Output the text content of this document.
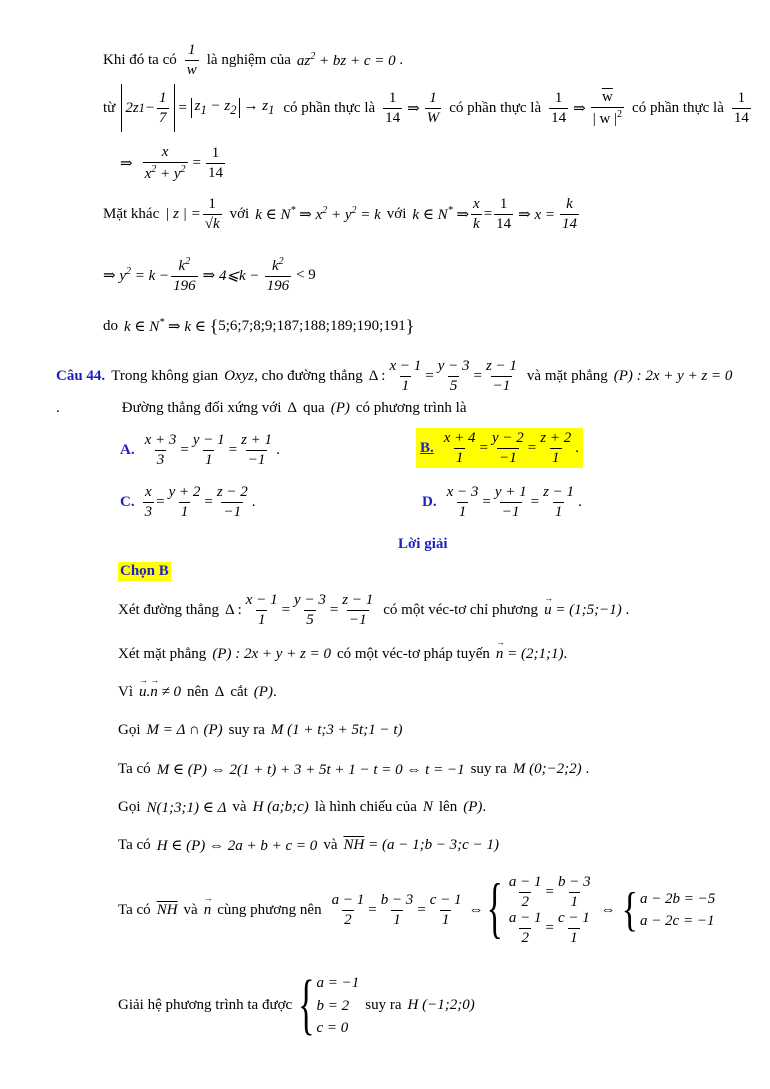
Khi đó ta có $\frac{1}{w}$ là nghiệm của $az^2$ + bz + c = 0 .
từ 2z $1 - \frac{1}{7} = z_1 - z_2 \to z_1$ có phần thực là $\frac{1}{14}$ ⇒ $\frac{1}{W}$ có phần thực là $\frac{1}{14}$ ⇒ $\frac{\overline{w}}{| w |^2}$ có phần thực là $\frac{1}{14}$
⇒ $\frac{x}{x^2 + y^2} = \frac{1}{14}$
Mặt khác | z | = $\frac{1}{√k}$ với k ∈ N* ⇒ $x^2 + y^2 = k$ với k ∈ N* ⇒ $\frac{x}{k} = \frac{1}{14}$ ⇒ $x = \frac{k}{14}$
⇒ $y^2 = k - \frac{k^2}{196}$ ⇒ 4⩽k − $\frac{k^2}{196} < 9$
do k ∈ N* ⇒ k ∈
{ 5;6;7;8;9;187;188;189;190;191 }
Câu 44. Trong không gian Oxyz , cho đường thẳng Δ : $\frac{x - 1}{1} = \frac{y - 3}{5} = \frac{z - 1}{-1}$ và mặt phẳng (P) : 2x + y + z = 0
.	Đường thẳng đối xứng với Δ qua (P) có phương trình là
A. $\frac{x + 3}{3} = \frac{y - 1}{1} = \frac{z + 1}{-1}$ .	B. $\frac{x + 4}{1} = \frac{y - 2}{-1} = \frac{z + 2}{1}$ .
C. $\frac{x}{3} = \frac{y + 2}{1} = \frac{z - 2}{-1}$ .	D. $\frac{x - 3}{1} = \frac{y + 1}{-1} = \frac{z - 1}{1}$ .
Lời giải
Chọn B
Xét đường thẳng Δ : $\frac{x - 1}{1} = \frac{y - 3}{5} = \frac{z - 1}{-1}$ có một véc-tơ chỉ phương → u = (1;5;−1) .
Xét mặt phẳng (P) : 2x + y + z = 0 có một véc-tơ pháp tuyến → n = (2;1;1) .
Vì → u.→ n ≠ 0 nên Δ cắt (P) .
Gọi M = Δ ∩ (P) suy ra M (1 + t;3 + 5t;1 − t)
Ta có M ∈ (P) ⇔ 2(1 + t) + 3 + 5t + 1 − t = 0 ⇔ t = −1 suy ra M (0;−2;2) .
Gọi N(1;3;1) ∈ Δ và H (a;b;c) là hình chiếu của N lên (P) .
Ta có H ∈ (P) ⇔ 2a + b + c = 0 và $\overline{NH} = (a$ − 1;b − 3;c − 1)
Ta có $\overline{NH}$ và → n cùng phương nên $\frac{a - 1}{2} = \frac{b - 3}{1} = \frac{c - 1}{1}$ ⇔ { $\frac{a - 1}{2} = \frac{b - 3}{1}$
$\frac{a - 1}{2} = \frac{c - 1}{1}$
⇔ { a − 2b = −5
a − 2c = −1
Giải hệ phương trình ta được { a = −1
b = 2
c = 0
suy ra H (−1;2;0)
